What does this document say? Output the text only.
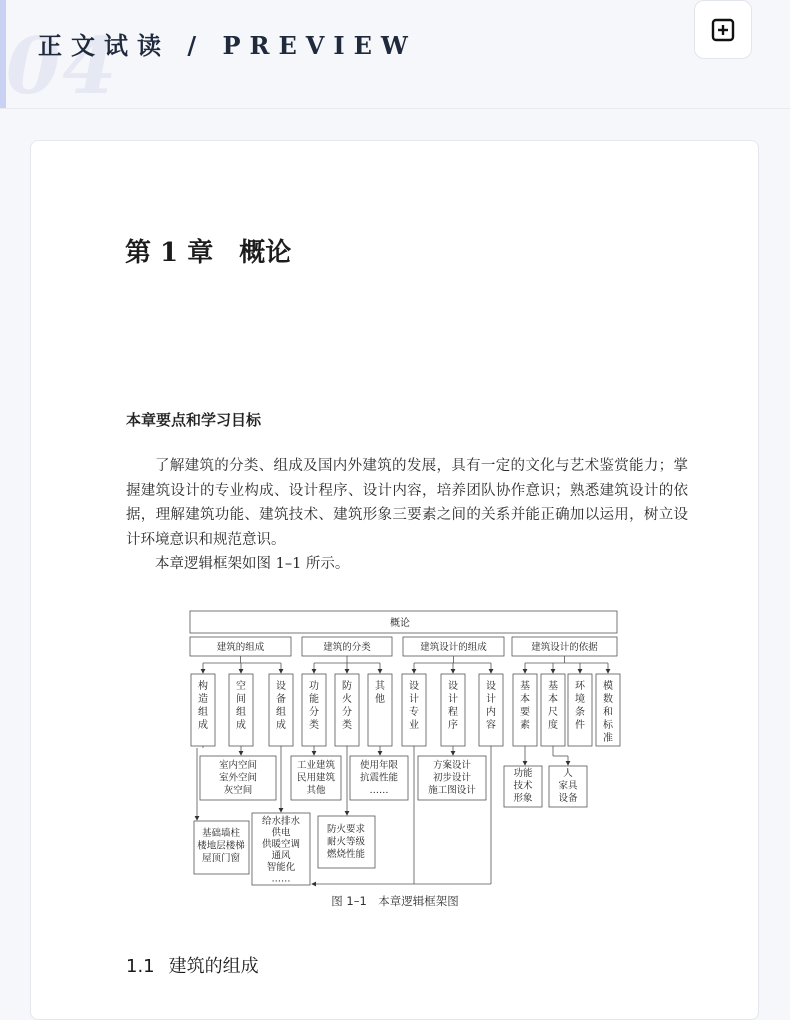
04
正文试读 / PREVIEW
第 1 章　概论
本章要点和学习目标

了解建筑的分类、组成及国内外建筑的发展，具有一定的文化与艺术鉴赏能力；掌握建筑设计的专业构成、设计程序、设计内容，培养团队协作意识；熟悉建筑设计的依据，理解建筑功能、建筑技术、建筑形象三要素之间的关系并能正确加以运用，树立设计环境意识和规范意识。

本章逻辑框架如图 1–1 所示。

概论
建筑的组成	建筑的分类	建筑设计的组成	建筑设计的依据
构
造
组
成
空
间
组
成
设
备
组
成
功
能
分
类
防
火
分
类
其
他
设
计
专
业
设
计
程
序
设
计
内
容
基
本
要
素
基
本
尺
度
环
境
条
件
模
数
和
标
准
室内空间
室外空间
灰空间
工业建筑
民用建筑
其他
使用年限
抗震性能
……
方案设计
初步设计
施工图设计
功能
技术
形象
人
家具
设备
基础墙柱
楼地层楼梯
屋顶门窗
给水排水
供电
供暖空调
通风
智能化
……
防火要求
耐火等级
燃烧性能
图 1–1　本章逻辑框架图
1.1 建筑的组成
